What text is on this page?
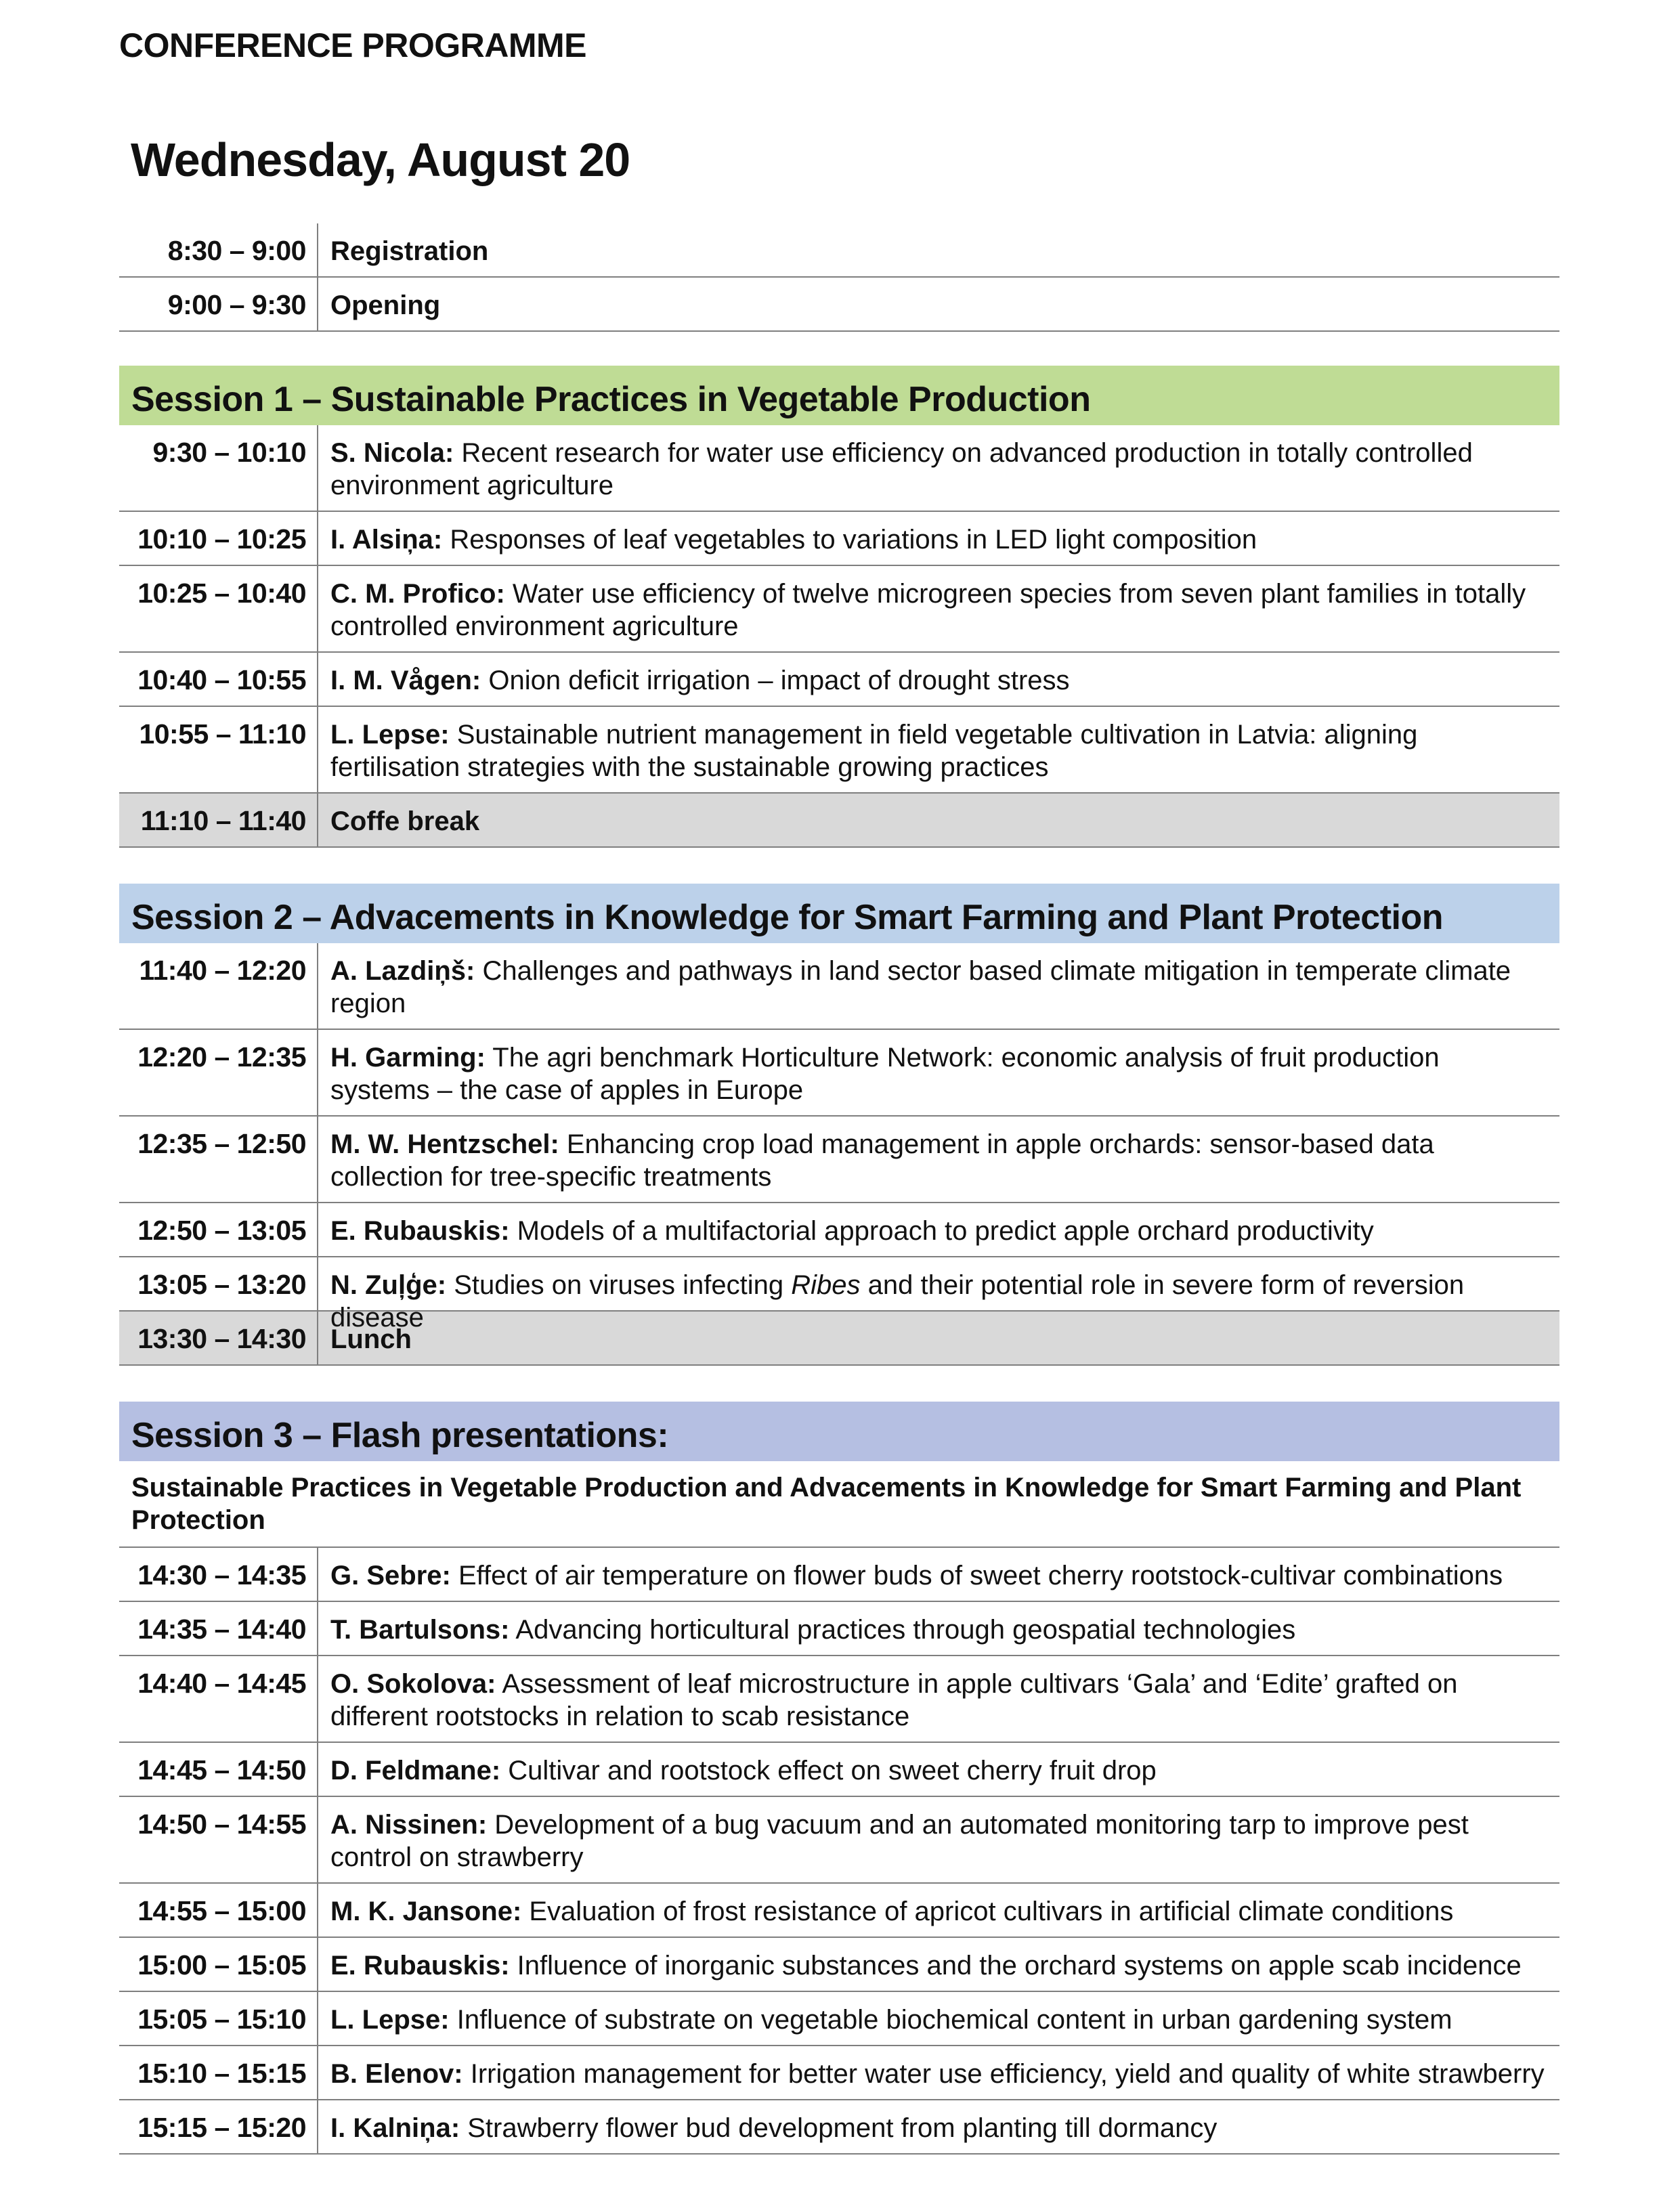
CONFERENCE PROGRAMME
Wednesday, August 20
8:30 – 9:00 Registration
9:00 – 9:30 Opening
Session 1 – Sustainable Practices in Vegetable Production
9:30 – 10:10 S. Nicola: Recent research for water use efficiency on advanced production in totally controlled environment agriculture
10:10 – 10:25 I. Alsiņa: Responses of leaf vegetables to variations in LED light composition
10:25 – 10:40 C. M. Profico: Water use efficiency of twelve microgreen species from seven plant families in totally controlled environment agriculture
10:40 – 10:55 I. M. Vågen: Onion deficit irrigation – impact of drought stress
10:55 – 11:10 L. Lepse: Sustainable nutrient management in field vegetable cultivation in Latvia: aligning fertilisation strategies with the sustainable growing practices
11:10 – 11:40 Coffe break
Session 2 – Advacements in Knowledge for Smart Farming and Plant Protection
11:40 – 12:20 A. Lazdiņš: Challenges and pathways in land sector based climate mitigation in temperate climate region
12:20 – 12:35 H. Garming: The agri benchmark Horticulture Network: economic analysis of fruit production systems – the case of apples in Europe
12:35 – 12:50 M. W. Hentzschel: Enhancing crop load management in apple orchards: sensor-based data collection for tree-specific treatments
12:50 – 13:05 E. Rubauskis: Models of a multifactorial approach to predict apple orchard productivity
13:05 – 13:20 N. Zuļģe: Studies on viruses infecting Ribes and their potential role in severe form of reversion disease
13:30 – 14:30 Lunch
Session 3 – Flash presentations:
Sustainable Practices in Vegetable Production and Advacements in Knowledge for Smart Farming and Plant Protection
14:30 – 14:35 G. Sebre: Effect of air temperature on flower buds of sweet cherry rootstock-cultivar combinations
14:35 – 14:40 T. Bartulsons: Advancing horticultural practices through geospatial technologies
14:40 – 14:45 O. Sokolova: Assessment of leaf microstructure in apple cultivars ‘Gala’ and ‘Edite’ grafted on different rootstocks in relation to scab resistance
14:45 – 14:50 D. Feldmane: Cultivar and rootstock effect on sweet cherry fruit drop
14:50 – 14:55 A. Nissinen: Development of a bug vacuum and an automated monitoring tarp to improve pest control on strawberry
14:55 – 15:00 M. K. Jansone: Evaluation of frost resistance of apricot cultivars in artificial climate conditions
15:00 – 15:05 E. Rubauskis: Influence of inorganic substances and the orchard systems on apple scab incidence
15:05 – 15:10 L. Lepse: Influence of substrate on vegetable biochemical content in urban gardening system
15:10 – 15:15 B. Elenov: Irrigation management for better water use efficiency, yield and quality of white strawberry
15:15 – 15:20 I. Kalniņa: Strawberry flower bud development from planting till dormancy
